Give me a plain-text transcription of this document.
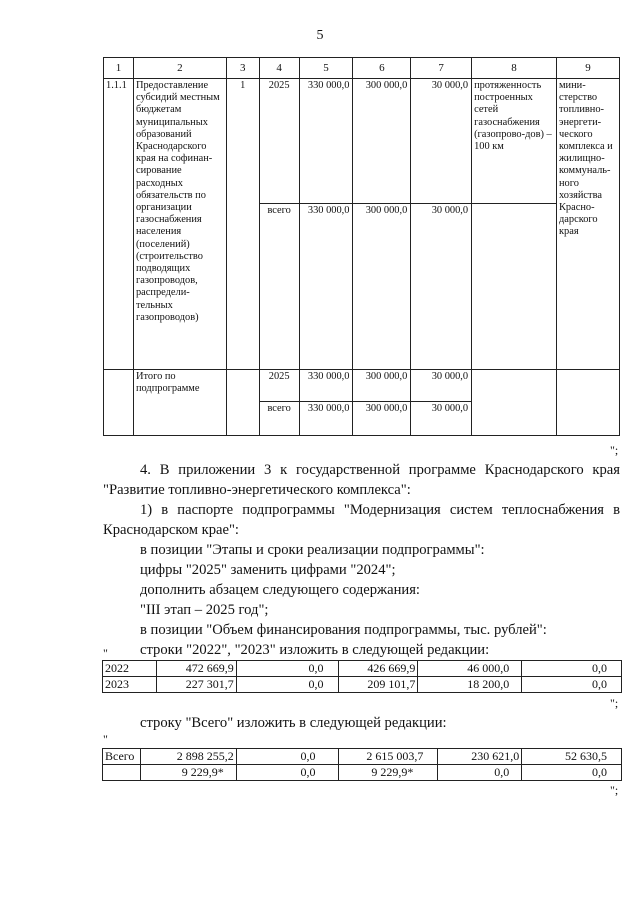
5
1	2	3	4	5	6	7	8	9
1.1.1	Предоставление субсидий местным бюджетам муниципальных образований Краснодарского края на софинан-сирование расходных обязательств по организации газоснабжения населения (поселений) (строительство подводящих газопроводов, распредели-тельных газопроводов)	1	2025	330 000,0	300 000,0	30 000,0	протяженность построенных сетей газоснабжения (газопрово-дов) – 100 км	мини-стерство топливно-энергети-ческого комплекса и жилищно-коммуналь-ного хозяйства Красно-дарского края
			всего	330 000,0	300 000,0	30 000,0		
	Итого по подпрограмме		2025	330 000,0	300 000,0	30 000,0		
			всего	330 000,0	300 000,0	30 000,0		
";
4. В приложении 3 к государственной программе Краснодарского края
"Развитие топливно-энергетического комплекса":
1) в паспорте подпрограммы "Модернизация систем теплоснабжения в
Краснодарском крае":
в позиции "Этапы и сроки реализации подпрограммы":
цифры "2025" заменить цифрами "2024";
дополнить абзацем следующего содержания:
"III этап – 2025 год";
в позиции "Объем финансирования подпрограммы, тыс. рублей":
строки "2022", "2023" изложить в следующей редакции:
"
2022	472 669,9	0,0	426 669,9	46 000,0	0,0
2023	227 301,7	0,0	209 101,7	18 200,0	0,0
";
строку "Всего" изложить в следующей редакции:
"
Всего	2 898 255,2	0,0	2 615 003,7	230 621,0	52 630,5
	9 229,9*	0,0	9 229,9*	0,0	0,0
";
